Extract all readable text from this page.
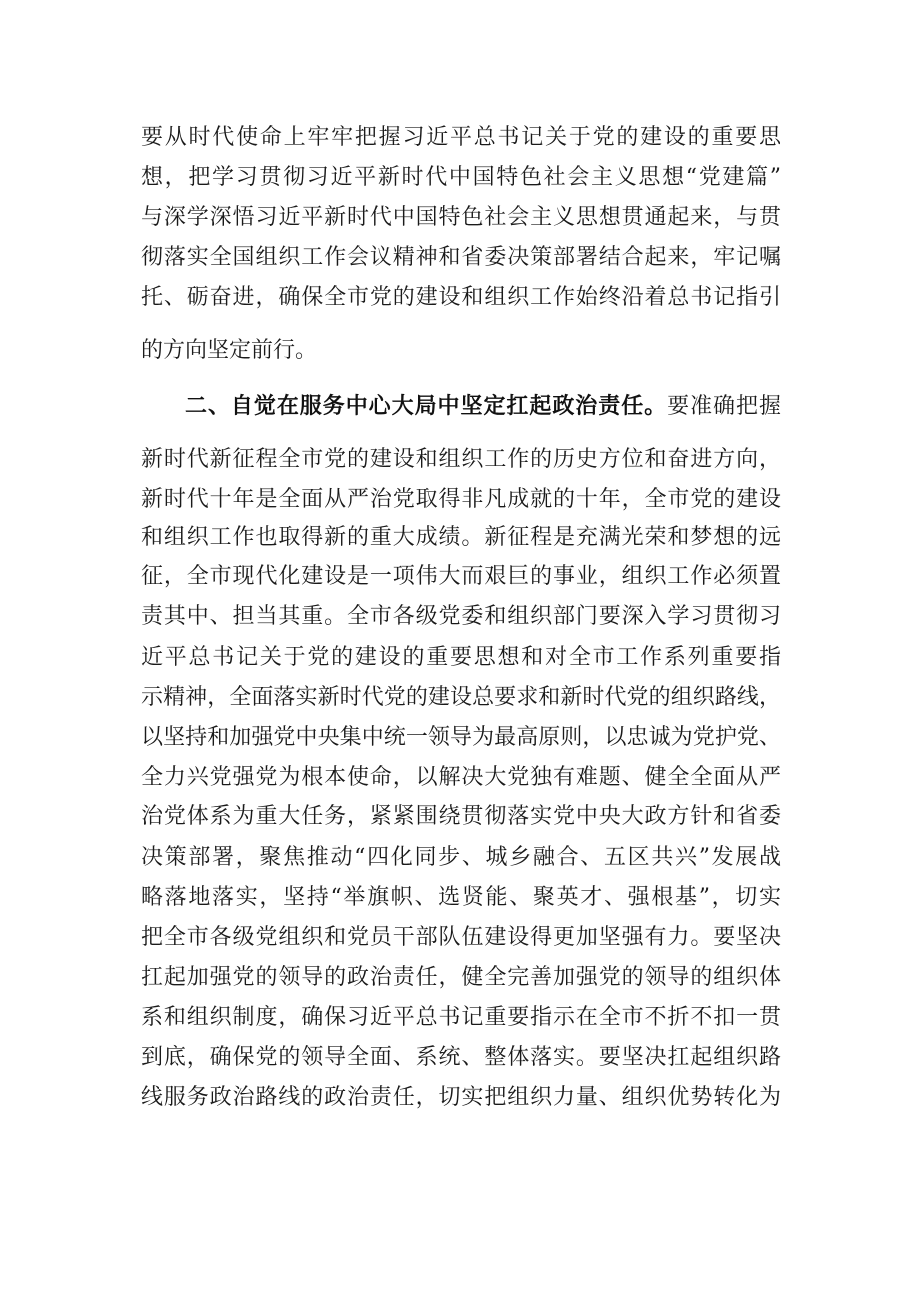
要从时代使命上牢牢把握习近平总书记关于党的建设的重要思
想，把学习贯彻习近平新时代中国特色社会主义思想“党建篇”
与深学深悟习近平新时代中国特色社会主义思想贯通起来，与贯
彻落实全国组织工作会议精神和省委决策部署结合起来，牢记嘱
托、砺奋进，确保全市党的建设和组织工作始终沿着总书记指引
的方向坚定前行。
二、自觉在服务中心大局中坚定扛起政治责任。要准确把握
新时代新征程全市党的建设和组织工作的历史方位和奋进方向，
新时代十年是全面从严治党取得非凡成就的十年，全市党的建设
和组织工作也取得新的重大成绩。新征程是充满光荣和梦想的远
征，全市现代化建设是一项伟大而艰巨的事业，组织工作必须置
责其中、担当其重。全市各级党委和组织部门要深入学习贯彻习
近平总书记关于党的建设的重要思想和对全市工作系列重要指
示精神，全面落实新时代党的建设总要求和新时代党的组织路线，
以坚持和加强党中央集中统一领导为最高原则，以忠诚为党护党、
全力兴党强党为根本使命，以解决大党独有难题、健全全面从严
治党体系为重大任务，紧紧围绕贯彻落实党中央大政方针和省委
决策部署，聚焦推动“四化同步、城乡融合、五区共兴”发展战
略落地落实，坚持“举旗帜、选贤能、聚英才、强根基”，切实
把全市各级党组织和党员干部队伍建设得更加坚强有力。要坚决
扛起加强党的领导的政治责任，健全完善加强党的领导的组织体
系和组织制度，确保习近平总书记重要指示在全市不折不扣一贯
到底，确保党的领导全面、系统、整体落实。要坚决扛起组织路
线服务政治路线的政治责任，切实把组织力量、组织优势转化为
